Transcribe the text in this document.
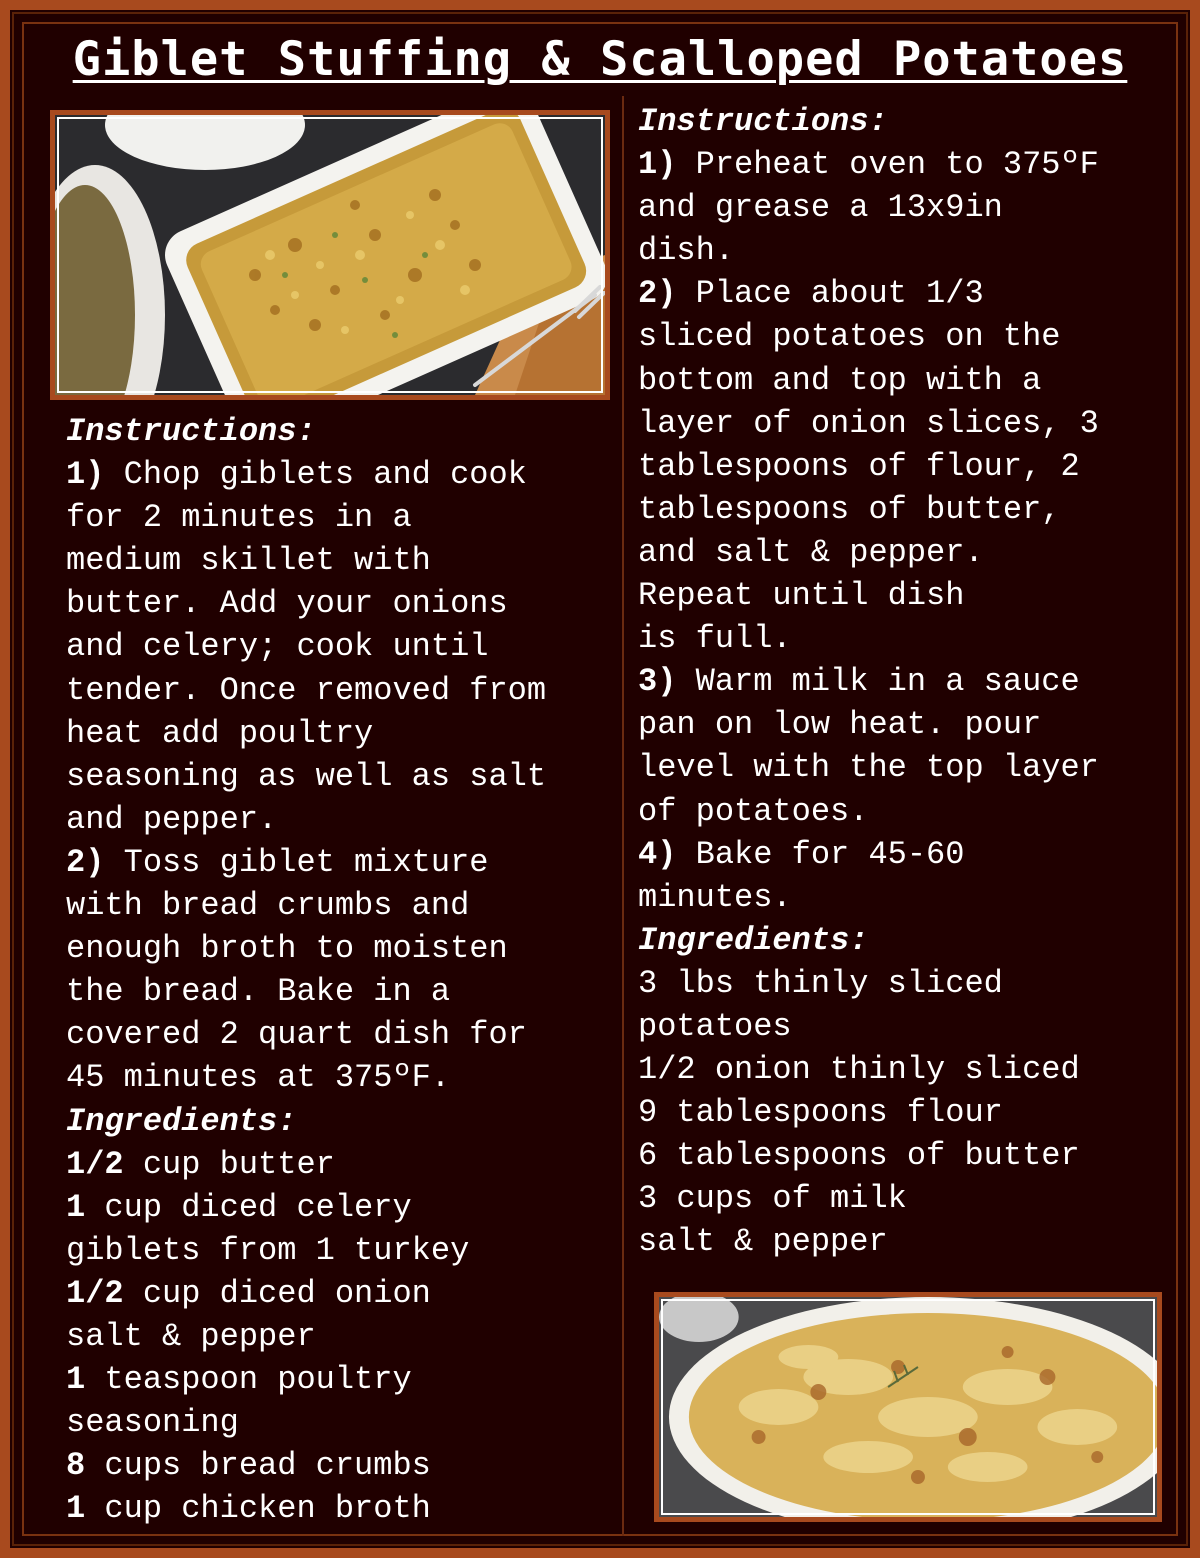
Giblet Stuffing & Scalloped Potatoes
Instructions:
1) Chop giblets and cook
for 2 minutes in a
medium skillet with
butter. Add your onions
and celery; cook until
tender. Once removed from
heat add poultry
seasoning as well as salt
and pepper.
2) Toss giblet mixture
with bread crumbs and
enough broth to moisten
the bread. Bake in a
covered 2 quart dish for
45 minutes at 375ºF.
Ingredients:
1/2 cup butter
1 cup diced celery
giblets from 1 turkey
1/2 cup diced onion
salt & pepper
1 teaspoon poultry
seasoning
8 cups bread crumbs
1 cup chicken broth
Instructions:
1) Preheat oven to 375ºF
and grease a 13x9in
dish.
2) Place about 1/3
sliced potatoes on the
bottom and top with a
layer of onion slices, 3
tablespoons of flour, 2
tablespoons of butter,
and salt & pepper.
Repeat until dish
is full.
3) Warm milk in a sauce
pan on low heat. pour
level with the top layer
of potatoes.
4) Bake for 45-60
minutes.
Ingredients:
3 lbs thinly sliced
potatoes
1/2 onion thinly sliced
9 tablespoons flour
6 tablespoons of butter
3 cups of milk
salt & pepper
